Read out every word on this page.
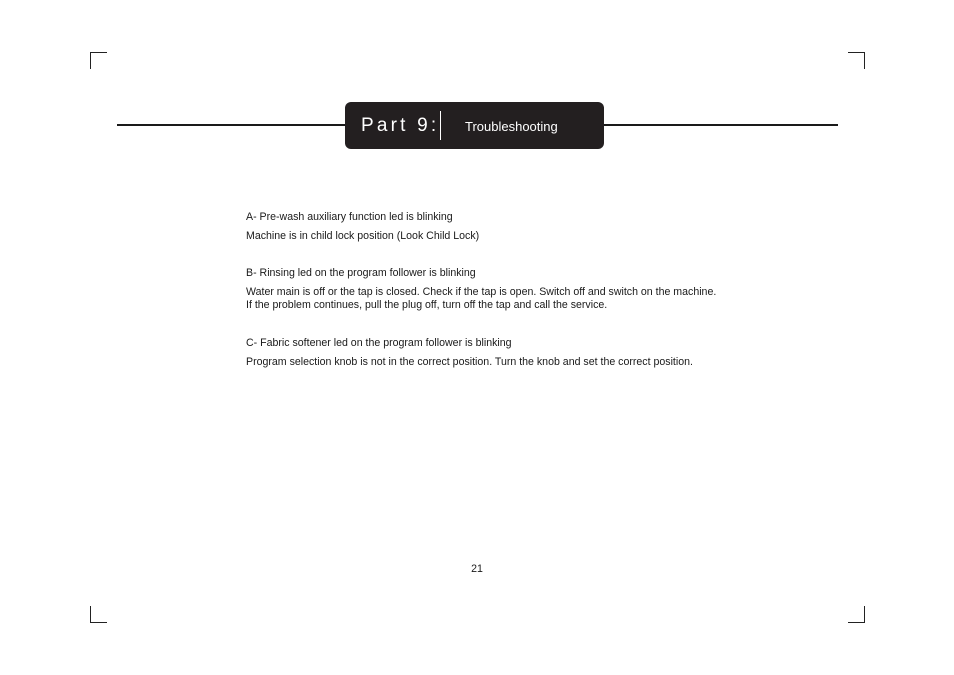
Part 9: Troubleshooting
A- Pre-wash auxiliary function led is blinking
Machine is in child lock position (Look Child Lock)
B- Rinsing led on the program follower is blinking
Water main is off or the tap is closed. Check if the tap is open. Switch off and switch on the machine.
If the problem continues, pull the plug off, turn off the tap and call the service.
C- Fabric softener led on the program follower is blinking
Program selection knob is not in the correct position. Turn the knob and set the correct position.
21
